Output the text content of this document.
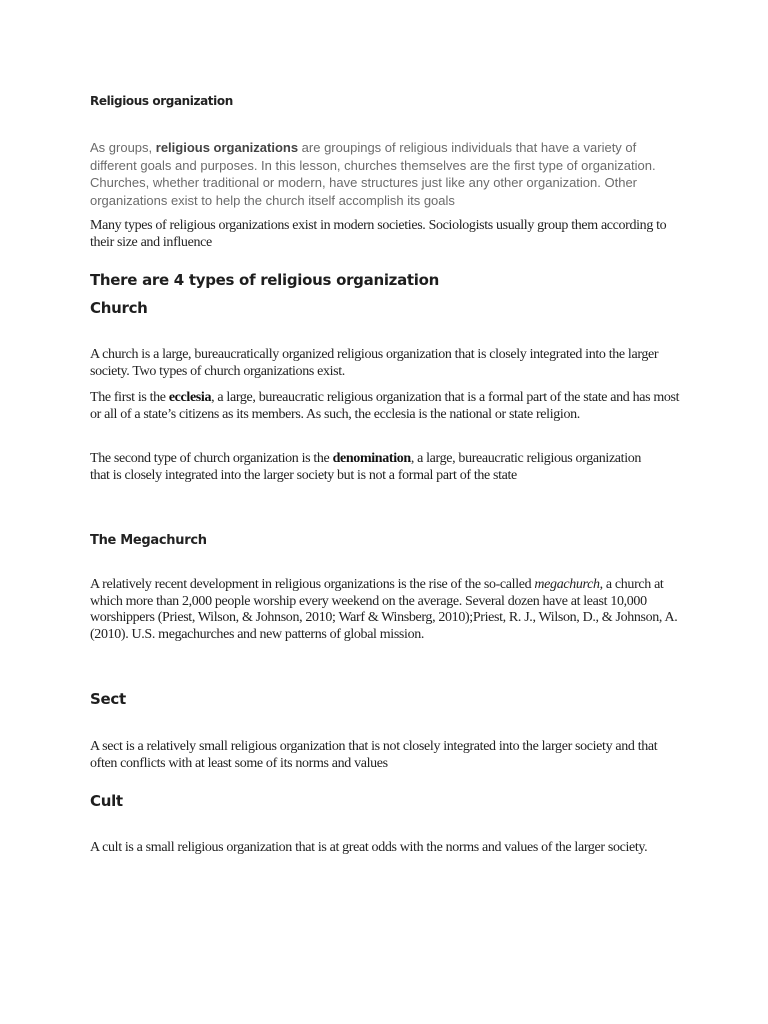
Religious organization

As groups, religious organizations are groupings of religious individuals that have a variety of different goals and purposes. In this lesson, churches themselves are the first type of organization. Churches, whether traditional or modern, have structures just like any other organization. Other organizations exist to help the church itself accomplish its goals

Many types of religious organizations exist in modern societies. Sociologists usually group them according to their size and influence

There are 4 types of religious organization
Church

A church is a large, bureaucratically organized religious organization that is closely integrated into the larger society. Two types of church organizations exist.

The first is the ecclesia, a large, bureaucratic religious organization that is a formal part of the state and has most or all of a state’s citizens as its members. As such, the ecclesia is the national or state religion.

The second type of church organization is the denomination, a large, bureaucratic religious organization that is closely integrated into the larger society but is not a formal part of the state

The Megachurch

A relatively recent development in religious organizations is the rise of the so-called megachurch, a church at which more than 2,000 people worship every weekend on the average. Several dozen have at least 10,000 worshippers (Priest, Wilson, & Johnson, 2010; Warf & Winsberg, 2010);Priest, R. J., Wilson, D., & Johnson, A. (2010). U.S. megachurches and new patterns of global mission.

Sect

A sect is a relatively small religious organization that is not closely integrated into the larger society and that often conflicts with at least some of its norms and values

Cult

A cult is a small religious organization that is at great odds with the norms and values of the larger society.
